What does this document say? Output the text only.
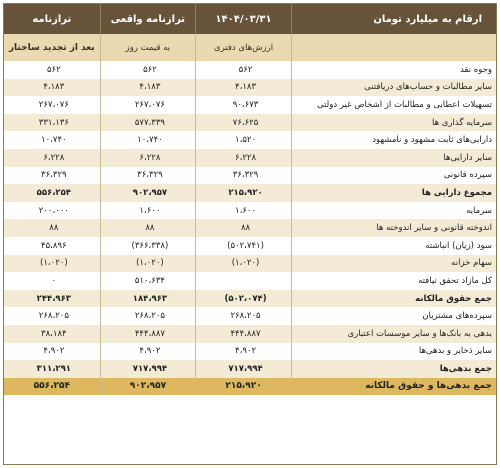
ارقام به میلیارد تومان
۱۴۰۴/۰۳/۳۱
ترازنامه واقعی
ترازنامه
ارزش‌های دفتری
به قیمت روز
بعد از تجدید ساختار
وجوه نقد
۵۶۲
۵۶۲
۵۶۲
سایر مطالبات و حساب‌های دریافتنی
۴،۱۸۳
۴،۱۸۳
۴،۱۸۳
تسهیلات اعطایی و مطالبات از اشخاص غیر دولتی
۹۰،۶۷۳
۲۶۷،۰۷۶
۲۶۷،۰۷۶
سرمایه گذاری ها
۷۶،۶۲۵
۵۷۷،۳۳۹
۳۳۱،۱۳۶
دارایی‌های ثابت مشهود و نامشهود
۱،۵۲۰
۱۰،۷۴۰
۱۰،۷۴۰
سایر دارایی‌ها
۶،۲۲۸
۶،۲۲۸
۶،۲۲۸
سپرده قانونی
۳۶،۳۲۹
۳۶،۳۲۹
۳۶،۳۲۹
مجموع دارایی ها
۲۱۵،۹۲۰
۹۰۲،۹۵۷
۵۵۶،۲۵۴
سرمایه
۱،۶۰۰
۱،۶۰۰
۲۰۰،۰۰۰
اندوخته قانونی و سایر اندوخته ها
۸۸
۸۸
۸۸
سود (زیان) انباشته
(۵۰۲،۷۴۱)
(۳۶۶،۳۳۸)
۴۵،۸۹۶
سهام خزانه
(۱،۰۲۰)
(۱،۰۲۰)
(۱،۰۲۰)
کل مازاد تحقق نیافته
۵۱۰،۶۳۴
۰
جمع حقوق مالکانه
(۵۰۲،۰۷۴)
۱۸۴،۹۶۳
۲۴۴،۹۶۳
سپرده‌های مشتریان
۲۶۸،۲۰۵
۲۶۸،۲۰۵
۲۶۸،۲۰۵
بدهی به بانک‌ها و سایر موسسات اعتباری
۴۴۴،۸۸۷
۴۴۴،۸۸۷
۳۸،۱۸۴
سایر ذخایر و بدهی‌ها
۴،۹۰۲
۴،۹۰۲
۴،۹۰۲
جمع بدهی‌ها
۷۱۷،۹۹۴
۷۱۷،۹۹۴
۳۱۱،۲۹۱
جمع بدهی‌ها و حقوق مالکانه
۲۱۵،۹۲۰
۹۰۲،۹۵۷
۵۵۶،۲۵۴
